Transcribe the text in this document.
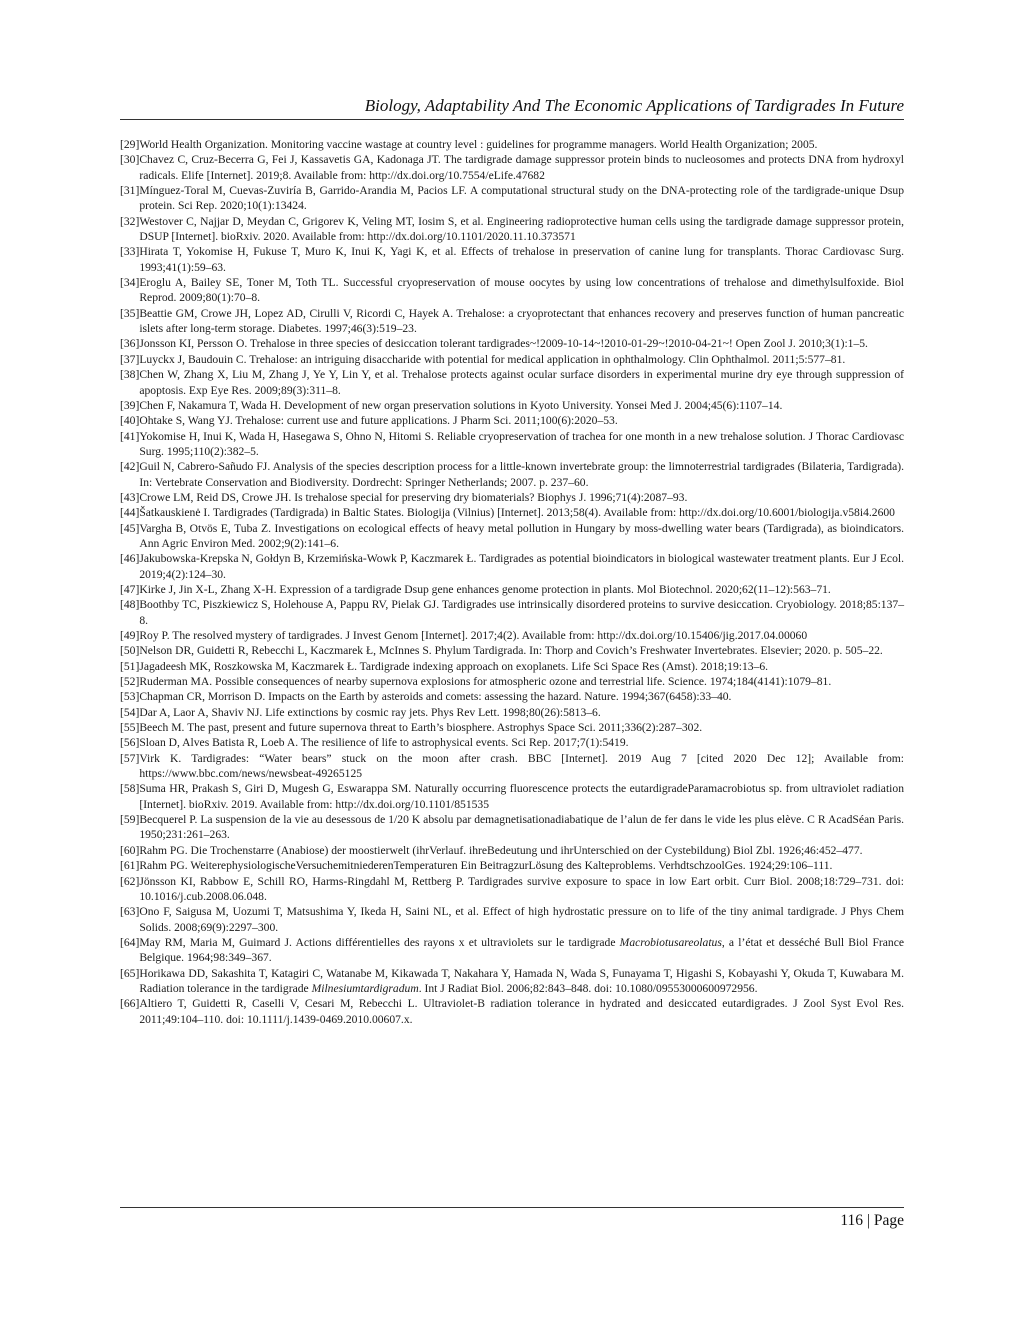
Biology, Adaptability And The Economic Applications of Tardigrades In Future
[29] World Health Organization. Monitoring vaccine wastage at country level : guidelines for programme managers. World Health Organization; 2005.
[30] Chavez C, Cruz-Becerra G, Fei J, Kassavetis GA, Kadonaga JT. The tardigrade damage suppressor protein binds to nucleosomes and protects DNA from hydroxyl radicals. Elife [Internet]. 2019;8. Available from: http://dx.doi.org/10.7554/eLife.47682
[31] Mínguez-Toral M, Cuevas-Zuviría B, Garrido-Arandia M, Pacios LF. A computational structural study on the DNA-protecting role of the tardigrade-unique Dsup protein. Sci Rep. 2020;10(1):13424.
[32] Westover C, Najjar D, Meydan C, Grigorev K, Veling MT, Iosim S, et al. Engineering radioprotective human cells using the tardigrade damage suppressor protein, DSUP [Internet]. bioRxiv. 2020. Available from: http://dx.doi.org/10.1101/2020.11.10.373571
[33] Hirata T, Yokomise H, Fukuse T, Muro K, Inui K, Yagi K, et al. Effects of trehalose in preservation of canine lung for transplants. Thorac Cardiovasc Surg. 1993;41(1):59–63.
[34] Eroglu A, Bailey SE, Toner M, Toth TL. Successful cryopreservation of mouse oocytes by using low concentrations of trehalose and dimethylsulfoxide. Biol Reprod. 2009;80(1):70–8.
[35] Beattie GM, Crowe JH, Lopez AD, Cirulli V, Ricordi C, Hayek A. Trehalose: a cryoprotectant that enhances recovery and preserves function of human pancreatic islets after long-term storage. Diabetes. 1997;46(3):519–23.
[36] Jonsson KI, Persson O. Trehalose in three species of desiccation tolerant tardigrades~!2009-10-14~!2010-01-29~!2010-04-21~! Open Zool J. 2010;3(1):1–5.
[37] Luyckx J, Baudouin C. Trehalose: an intriguing disaccharide with potential for medical application in ophthalmology. Clin Ophthalmol. 2011;5:577–81.
[38] Chen W, Zhang X, Liu M, Zhang J, Ye Y, Lin Y, et al. Trehalose protects against ocular surface disorders in experimental murine dry eye through suppression of apoptosis. Exp Eye Res. 2009;89(3):311–8.
[39] Chen F, Nakamura T, Wada H. Development of new organ preservation solutions in Kyoto University. Yonsei Med J. 2004;45(6):1107–14.
[40] Ohtake S, Wang YJ. Trehalose: current use and future applications. J Pharm Sci. 2011;100(6):2020–53.
[41] Yokomise H, Inui K, Wada H, Hasegawa S, Ohno N, Hitomi S. Reliable cryopreservation of trachea for one month in a new trehalose solution. J Thorac Cardiovasc Surg. 1995;110(2):382–5.
[42] Guil N, Cabrero-Sañudo FJ. Analysis of the species description process for a little-known invertebrate group: the limnoterrestrial tardigrades (Bilateria, Tardigrada). In: Vertebrate Conservation and Biodiversity. Dordrecht: Springer Netherlands; 2007. p. 237–60.
[43] Crowe LM, Reid DS, Crowe JH. Is trehalose special for preserving dry biomaterials? Biophys J. 1996;71(4):2087–93.
[44] Šatkauskienė I. Tardigrades (Tardigrada) in Baltic States. Biologija (Vilnius) [Internet]. 2013;58(4). Available from: http://dx.doi.org/10.6001/biologija.v58i4.2600
[45] Vargha B, Otvös E, Tuba Z. Investigations on ecological effects of heavy metal pollution in Hungary by moss-dwelling water bears (Tardigrada), as bioindicators. Ann Agric Environ Med. 2002;9(2):141–6.
[46] Jakubowska-Krepska N, Gołdyn B, Krzemińska-Wowk P, Kaczmarek Ł. Tardigrades as potential bioindicators in biological wastewater treatment plants. Eur J Ecol. 2019;4(2):124–30.
[47] Kirke J, Jin X-L, Zhang X-H. Expression of a tardigrade Dsup gene enhances genome protection in plants. Mol Biotechnol. 2020;62(11–12):563–71.
[48] Boothby TC, Piszkiewicz S, Holehouse A, Pappu RV, Pielak GJ. Tardigrades use intrinsically disordered proteins to survive desiccation. Cryobiology. 2018;85:137–8.
[49] Roy P. The resolved mystery of tardigrades. J Invest Genom [Internet]. 2017;4(2). Available from: http://dx.doi.org/10.15406/jig.2017.04.00060
[50] Nelson DR, Guidetti R, Rebecchi L, Kaczmarek Ł, McInnes S. Phylum Tardigrada. In: Thorp and Covich’s Freshwater Invertebrates. Elsevier; 2020. p. 505–22.
[51] Jagadeesh MK, Roszkowska M, Kaczmarek Ł. Tardigrade indexing approach on exoplanets. Life Sci Space Res (Amst). 2018;19:13–6.
[52] Ruderman MA. Possible consequences of nearby supernova explosions for atmospheric ozone and terrestrial life. Science. 1974;184(4141):1079–81.
[53] Chapman CR, Morrison D. Impacts on the Earth by asteroids and comets: assessing the hazard. Nature. 1994;367(6458):33–40.
[54] Dar A, Laor A, Shaviv NJ. Life extinctions by cosmic ray jets. Phys Rev Lett. 1998;80(26):5813–6.
[55] Beech M. The past, present and future supernova threat to Earth’s biosphere. Astrophys Space Sci. 2011;336(2):287–302.
[56] Sloan D, Alves Batista R, Loeb A. The resilience of life to astrophysical events. Sci Rep. 2017;7(1):5419.
[57] Virk K. Tardigrades: “Water bears” stuck on the moon after crash. BBC [Internet]. 2019 Aug 7 [cited 2020 Dec 12]; Available from: https://www.bbc.com/news/newsbeat-49265125
[58] Suma HR, Prakash S, Giri D, Mugesh G, Eswarappa SM. Naturally occurring fluorescence protects the eutardigradeParamacrobiotus sp. from ultraviolet radiation [Internet]. bioRxiv. 2019. Available from: http://dx.doi.org/10.1101/851535
[59] Becquerel P. La suspension de la vie au desessous de 1/20 K absolu par demagnetisationadiabatique de l’alun de fer dans le vide les plus elève. C R AcadSéan Paris. 1950;231:261–263.
[60] Rahm PG. Die Trochenstarre (Anabiose) der moostierwelt (ihrVerlauf. ihreBedeutung und ihrUnterschied on der Cystebildung) Biol Zbl. 1926;46:452–477.
[61] Rahm PG. WeiterephysiologischeVersuchemitniederenTemperaturen Ein BeitragzurLösung des Kalteproblems. VerhdtschzoolGes. 1924;29:106–111.
[62] Jönsson KI, Rabbow E, Schill RO, Harms-Ringdahl M, Rettberg P. Tardigrades survive exposure to space in low Eart orbit. Curr Biol. 2008;18:729–731. doi: 10.1016/j.cub.2008.06.048.
[63] Ono F, Saigusa M, Uozumi T, Matsushima Y, Ikeda H, Saini NL, et al. Effect of high hydrostatic pressure on to life of the tiny animal tardigrade. J Phys Chem Solids. 2008;69(9):2297–300.
[64] May RM, Maria M, Guimard J. Actions différentielles des rayons x et ultraviolets sur le tardigrade Macrobiotusareolatus, a l’état et desséché Bull Biol France Belgique. 1964;98:349–367.
[65] Horikawa DD, Sakashita T, Katagiri C, Watanabe M, Kikawada T, Nakahara Y, Hamada N, Wada S, Funayama T, Higashi S, Kobayashi Y, Okuda T, Kuwabara M. Radiation tolerance in the tardigrade Milnesiumtardigradum. Int J Radiat Biol. 2006;82:843–848. doi: 10.1080/09553000600972956.
[66] Altiero T, Guidetti R, Caselli V, Cesari M, Rebecchi L. Ultraviolet-B radiation tolerance in hydrated and desiccated eutardigrades. J Zool Syst Evol Res. 2011;49:104–110. doi: 10.1111/j.1439-0469.2010.00607.x.
116 | Page
